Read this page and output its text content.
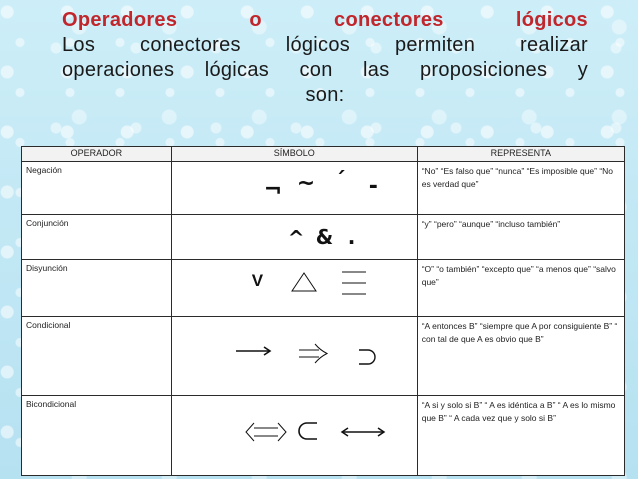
Operadores	o	conectores	lógicos
Los conectores lógicos permiten realizar
operaciones lógicas con las proposiciones y
son:
OPERADOR	SÍMBOLO	REPRESENTA
Negación	¬ ~ ´ -	“No” “Es falso que” “nunca” “Es imposible que” “No es verdad que”
Conjunción	^ & .	“y” “pero” “aunque” “incluso también”
Disyunción	V	“O” “o también” “excepto que” “a menos que” “salvo que”
Condicional		“A entonces B” “siempre que A por consiguiente B” “ con tal de que A es obvio que B”
Bicondicional		“A si y solo si B” “ A es idéntica a B” “ A es lo mismo que B” “ A cada vez que y solo si B”
